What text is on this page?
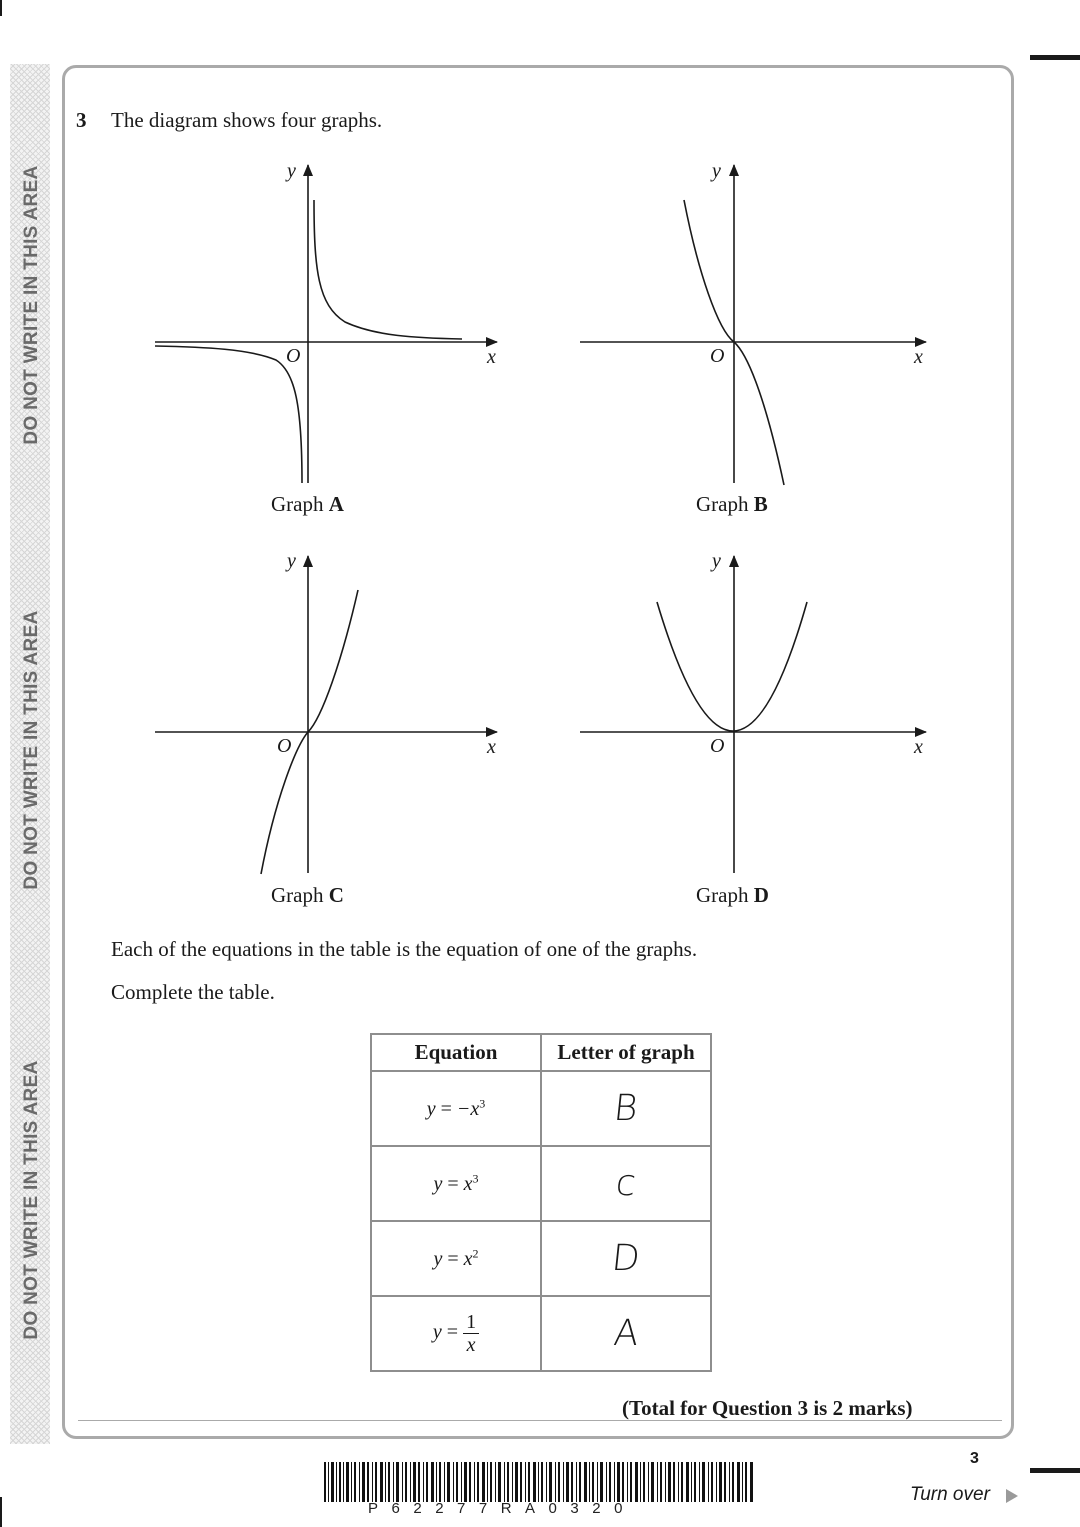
DO NOT WRITE IN THIS AREA
DO NOT WRITE IN THIS AREA
DO NOT WRITE IN THIS AREA
3 The diagram shows four graphs.
y
O	x
y
O	x
y
O	x
y
O	x
Graph A	Graph B
Graph C	Graph D
Each of the equations in the table is the equation of one of the graphs.
Complete the table.
Equation	Letter of graph
$y = -x^3$	B
$y = x^3$	c
$y = x^2$	D
$y = \frac{1}{x}$	A
(Total for Question 3 is 2 marks)
P62277RA0320
3
Turn over
